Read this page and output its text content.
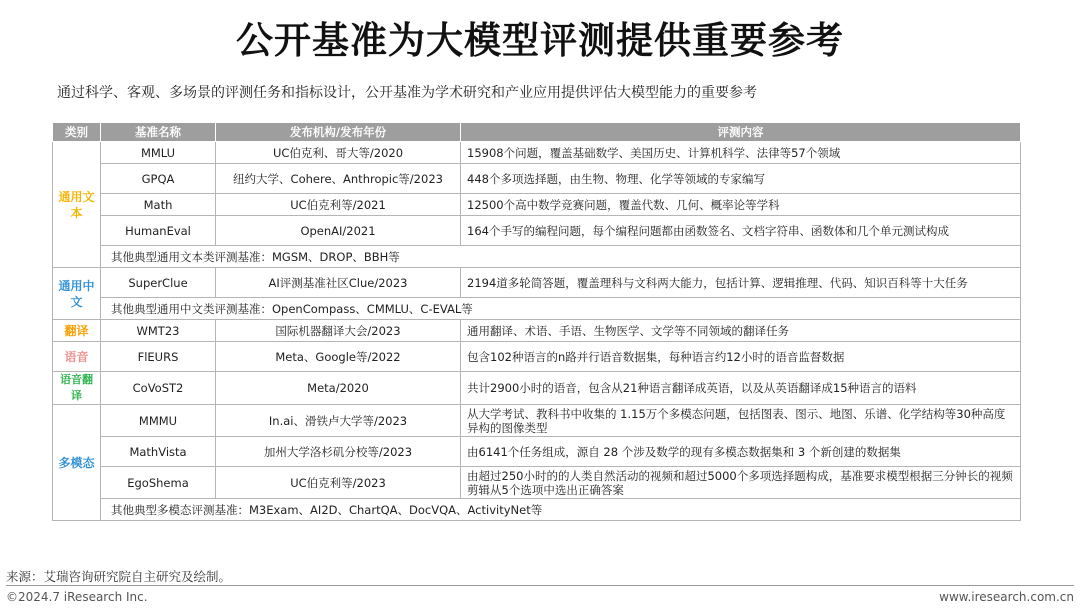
公开基准为大模型评测提供重要参考
通过科学、客观、多场景的评测任务和指标设计，公开基准为学术研究和产业应用提供评估大模型能力的重要参考
类别	基准名称	发布机构/发布年份	评测内容
通用文本	MMLU	UC伯克利、哥大等/2020	15908个问题，覆盖基础数学、美国历史、计算机科学、法律等57个领域
	GPQA	纽约大学、Cohere、Anthropic等/2023	448个多项选择题，由生物、物理、化学等领域的专家编写
	Math	UC伯克利等/2021	12500个高中数学竞赛问题，覆盖代数、几何、概率论等学科
	HumanEval	OpenAI/2021	164个手写的编程问题，每个编程问题都由函数签名、文档字符串、函数体和几个单元测试构成
	其他典型通用文本类评测基准：MGSM、DROP、BBH等		
通用中文	SuperClue	AI评测基准社区Clue/2023	2194道多轮简答题，覆盖理科与文科两大能力，包括计算、逻辑推理、代码、知识百科等十大任务
	其他典型通用中文类评测基准：OpenCompass、CMMLU、C-EVAL等		
翻译	WMT23	国际机器翻译大会/2023	通用翻译、术语、手语、生物医学、文学等不同领域的翻译任务
语音	FlEURS	Meta、Google等/2022	包含102种语言的n路并行语音数据集，每种语言约12小时的语音监督数据
语音翻译	CoVoST2	Meta/2020	共计2900小时的语音，包含从21种语言翻译成英语，以及从英语翻译成15种语言的语料
多模态	MMMU	In.ai、滑铁卢大学等/2023	从大学考试、教科书中收集的 1.15万个多模态问题，包括图表、图示、地图、乐谱、化学结构等30种高度异构的图像类型
	MathVista	加州大学洛杉矶分校等/2023	由6141个任务组成，源自 28 个涉及数学的现有多模态数据集和 3 个新创建的数据集
	EgoShema	UC伯克利等/2023	由超过250小时的的人类自然活动的视频和超过5000个多项选择题构成，基准要求模型根据三分钟长的视频剪辑从5个选项中选出正确答案
	其他典型多模态评测基准：M3Exam、AI2D、ChartQA、DocVQA、ActivityNet等		
来源：艾瑞咨询研究院自主研究及绘制。
©2024.7 iResearch Inc.	www.iresearch.com.cn
